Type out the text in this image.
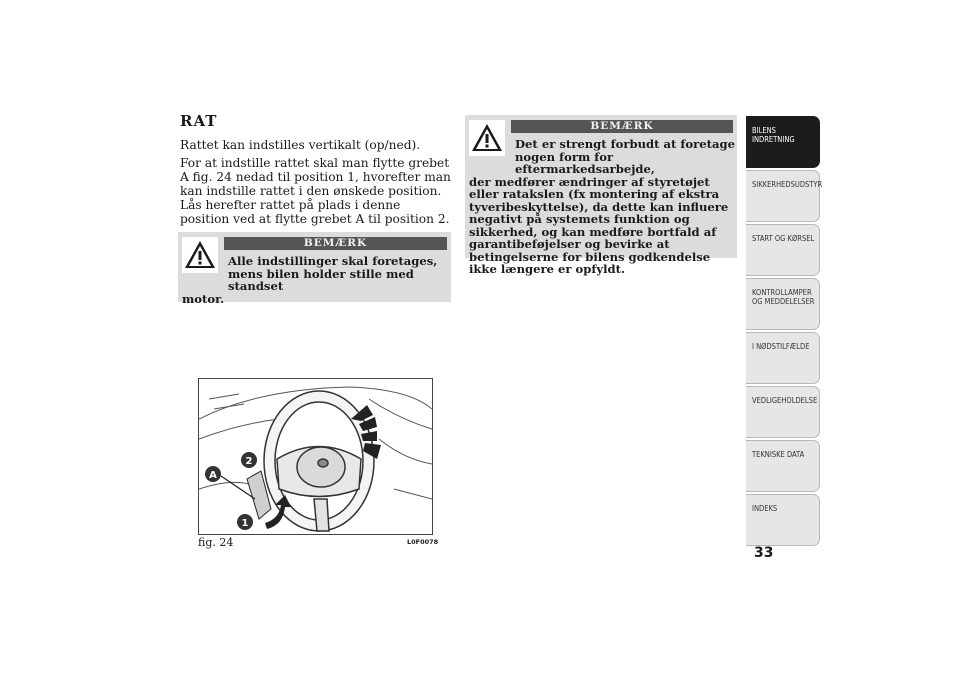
RAT

Rattet kan indstilles vertikalt (op/ned).

For at indstille rattet skal man flytte grebet A fig. 24 nedad til position 1, hvorefter man kan indstille rattet i den ønskede position. Lås herefter rattet på plads i denne position ved at flytte grebet A til position 2.

BEMÆRK
Alle indstillinger skal foretages, mens bilen holder stille med standset
motor.
BEMÆRK
Det er strengt forbudt at foretage nogen form for eftermarkedsarbejde,
der medfører ændringer af styretøjet eller ratakslen (fx montering af ekstra tyveribeskyttelse), da dette kan influere negativt på systemets funktion og sikkerhed, og kan medføre bortfald af garantibeføjelser og bevirke at betingelserne for bilens godkendelse ikke længere er opfyldt.
A
2
1
fig. 24	L0F0078
BILENS
INDRETNING
SIKKERHEDSUDSTYR
START OG KØRSEL
KONTROLLAMPER
OG MEDDELELSER
I NØDSTILFÆLDE
VEDLIGEHOLDELSE
TEKNISKE DATA
INDEKS
33
